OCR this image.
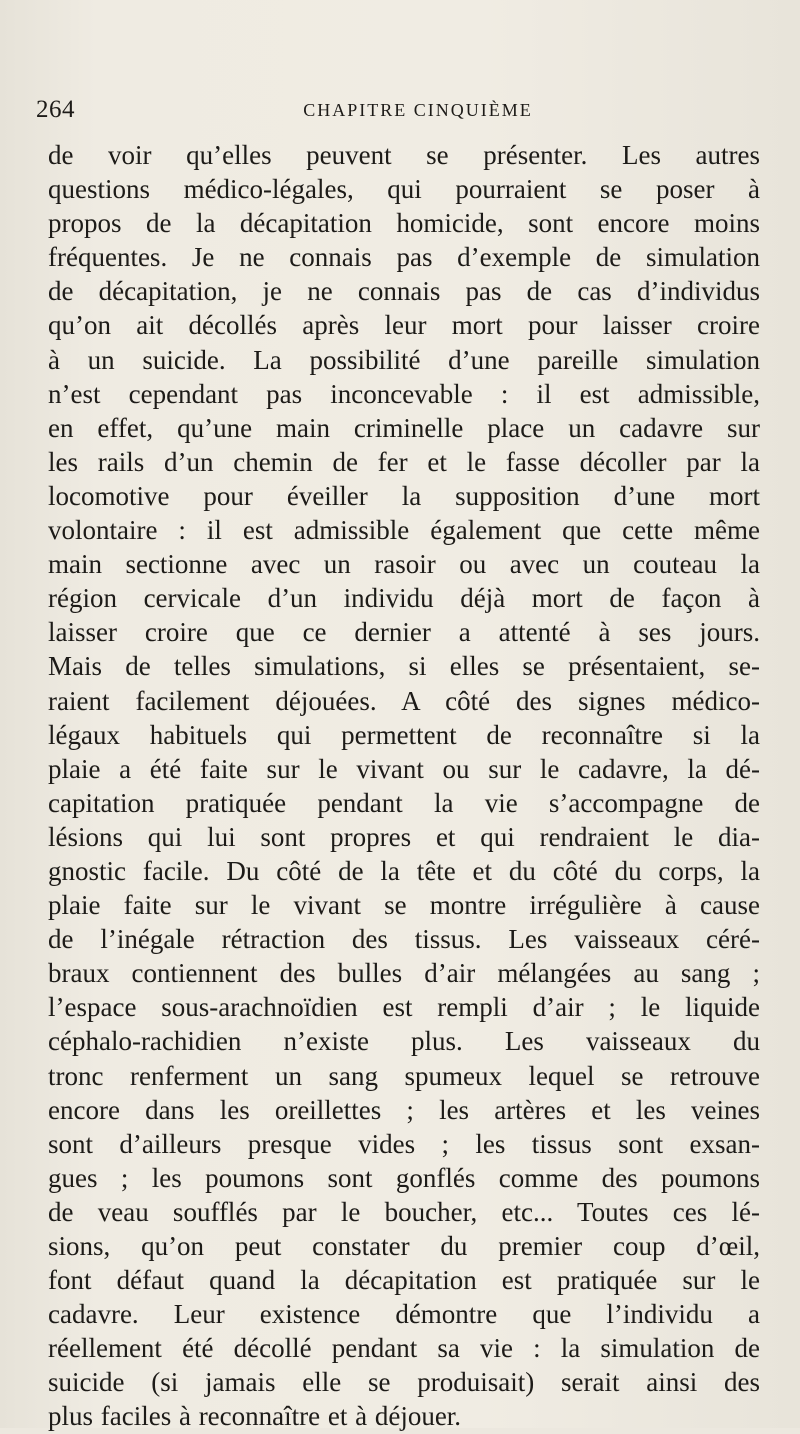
264	CHAPITRE CINQUIÈME
de voir qu’elles peuvent se présenter. Les autres
questions médico-légales, qui pourraient se poser à
propos de la décapitation homicide, sont encore moins
fréquentes. Je ne connais pas d’exemple de simulation
de décapitation, je ne connais pas de cas d’individus
qu’on ait décollés après leur mort pour laisser croire
à un suicide. La possibilité d’une pareille simulation
n’est cependant pas inconcevable : il est admissible,
en effet, qu’une main criminelle place un cadavre sur
les rails d’un chemin de fer et le fasse décoller par la
locomotive pour éveiller la supposition d’une mort
volontaire : il est admissible également que cette même
main sectionne avec un rasoir ou avec un couteau la
région cervicale d’un individu déjà mort de façon à
laisser croire que ce dernier a attenté à ses jours.
Mais de telles simulations, si elles se présentaient, se-
raient facilement déjouées. A côté des signes médico-
légaux habituels qui permettent de reconnaître si la
plaie a été faite sur le vivant ou sur le cadavre, la dé-
capitation pratiquée pendant la vie s’accompagne de
lésions qui lui sont propres et qui rendraient le dia-
gnostic facile. Du côté de la tête et du côté du corps, la
plaie faite sur le vivant se montre irrégulière à cause
de l’inégale rétraction des tissus. Les vaisseaux céré-
braux contiennent des bulles d’air mélangées au sang ;
l’espace sous-arachnoïdien est rempli d’air ; le liquide
céphalo-rachidien n’existe plus. Les vaisseaux du
tronc renferment un sang spumeux lequel se retrouve
encore dans les oreillettes ; les artères et les veines
sont d’ailleurs presque vides ; les tissus sont exsan-
gues ; les poumons sont gonflés comme des poumons
de veau soufflés par le boucher, etc... Toutes ces lé-
sions, qu’on peut constater du premier coup d’œil,
font défaut quand la décapitation est pratiquée sur le
cadavre. Leur existence démontre que l’individu a
réellement été décollé pendant sa vie : la simulation de
suicide (si jamais elle se produisait) serait ainsi des
plus faciles à reconnaître et à déjouer.
